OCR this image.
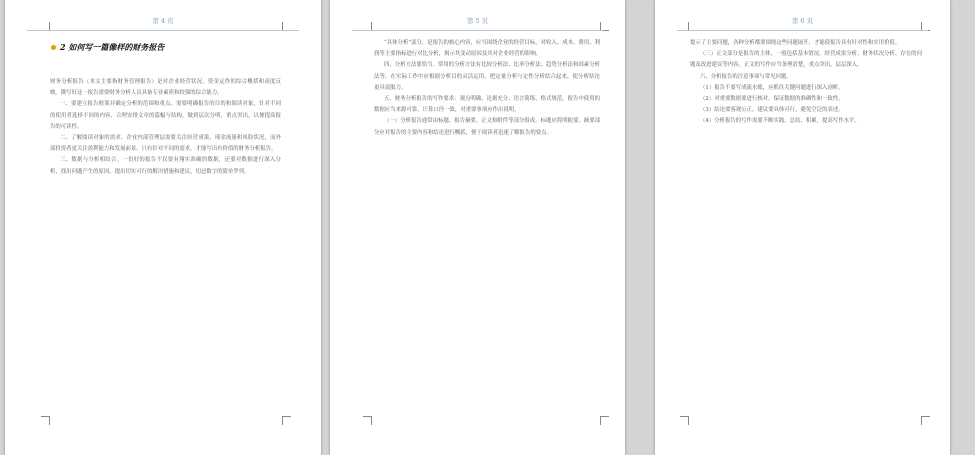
第 4 页
2 如何写一篇像样的财务报告

财务分析报告（本文主要指财务管理报告）是对企业经营状况、资金运作的综合概括和高度反映。撰写好这一报告需要财务分析人员具备专业素质和较强的综合能力。

一、要建立报告框架并确定分析的范围和重点。需要明确报告的目的和阅读对象，针对不同的使用者选择不同的内容，合理安排文章的篇幅与结构，做到层次分明，重点突出，以便提高报告的可读性。

二、了解阅读对象的需求。企业内部管理层需要关注经营成果、现金流量和风险状况，而外部投资者更关注盈利能力和发展前景。只有针对不同的需求，才能写出有价值的财务分析报告。

三、数据与分析相结合。一份好的报告不仅要有翔实准确的数据，还要对数据进行深入分析，找出问题产生的原因，提出切实可行的解决措施和建议，切忌数字的简单罗列。

第 5 页

“具体分析”部分，是报告的核心内容，应当围绕企业的经营目标，对收入、成本、费用、利润等主要指标进行对比分析，揭示其变动原因及其对企业经营的影响。

四、分析方法要恰当。常用的分析方法有比较分析法、比率分析法、趋势分析法和因素分析法等。在实际工作中应根据分析目的灵活运用，把定量分析与定性分析结合起来，使分析结论更具说服力。

五、财务分析报告的写作要求：观点明确、论据充分、语言简练、格式规范。报告中使用的数据应当来源可靠，计算口径一致，对重要事项应作出说明。

（一）分析报告通常由标题、报告摘要、正文和附件等部分组成。标题应简明扼要，摘要部分应对报告的主要内容和结论进行概括，便于阅读者迅速了解报告的要点。

第 6 页

提示了主要问题，各种分析都要围绕这些问题展开，才能使报告具有针对性和实用价值。

（三）正文部分是报告的主体，一般包括基本情况、经营成果分析、财务状况分析、存在的问题及改进建议等内容。正文的写作应当条理清楚，重点突出，层层深入。

六、分析报告的注意事项与常见问题。

（1）报告不要写成流水账，应抓住关键问题进行深入剖析。

（2）对重要数据要进行核对，保证数据的准确性和一致性。

（3）结论要客观公正，建议要具体可行，避免空泛的表述。

（4）分析报告的写作需要不断实践、总结、积累，提高写作水平。
